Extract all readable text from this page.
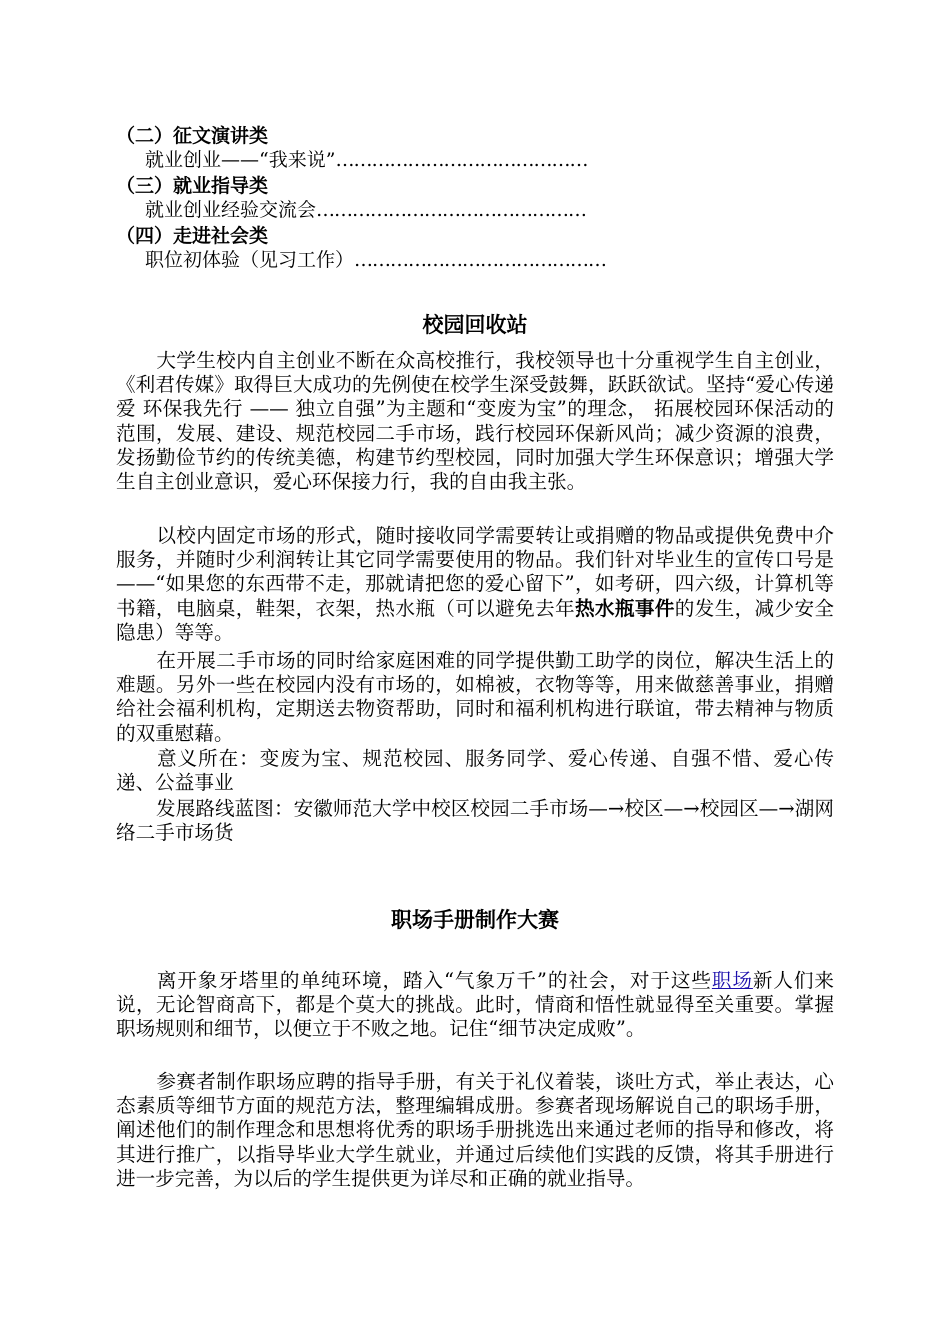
（二）征文演讲类
就业创业——“我来说”……………………………………
（三）就业指导类
就业创业经验交流会………………………………………
（四）走进社会类
职位初体验（见习工作）……………………………………
校园回收站
大学生校内自主创业不断在众高校推行，我校领导也十分重视学生自主创业，《利君传媒》取得巨大成功的先例使在校学生深受鼓舞，跃跃欲试。坚持“爱心传递爱 环保我先行 —— 独立自强”为主题和“变废为宝”的理念， 拓展校园环保活动的范围，发展、建设、规范校园二手市场，践行校园环保新风尚；减少资源的浪费，发扬勤俭节约的传统美德，构建节约型校园，同时加强大学生环保意识；增强大学生自主创业意识，爱心环保接力行，我的自由我主张。
以校内固定市场的形式，随时接收同学需要转让或捐赠的物品或提供免费中介服务，并随时少利润转让其它同学需要使用的物品。我们针对毕业生的宣传口号是——“如果您的东西带不走，那就请把您的爱心留下”，如考研，四六级，计算机等书籍，电脑桌，鞋架，衣架，热水瓶（可以避免去年热水瓶事件的发生，减少安全隐患）等等。
在开展二手市场的同时给家庭困难的同学提供勤工助学的岗位，解决生活上的难题。另外一些在校园内没有市场的，如棉被，衣物等等，用来做慈善事业，捐赠给社会福利机构，定期送去物资帮助，同时和福利机构进行联谊，带去精神与物质的双重慰藉。
意义所在：变废为宝、规范校园、服务同学、爱心传递、自强不惜、爱心传递、公益事业
发展路线蓝图：安徽师范大学中校区校园二手市场—→校区—→校园区—→湖网络二手市场货
职场手册制作大赛
离开象牙塔里的单纯环境，踏入“气象万千”的社会，对于这些职场新人们来说，无论智商高下，都是个莫大的挑战。此时，情商和悟性就显得至关重要。掌握职场规则和细节，以便立于不败之地。记住“细节决定成败”。
参赛者制作职场应聘的指导手册，有关于礼仪着装，谈吐方式，举止表达，心态素质等细节方面的规范方法，整理编辑成册。参赛者现场解说自己的职场手册，阐述他们的制作理念和思想将优秀的职场手册挑选出来通过老师的指导和修改，将其进行推广，以指导毕业大学生就业，并通过后续他们实践的反馈，将其手册进行进一步完善，为以后的学生提供更为详尽和正确的就业指导。
